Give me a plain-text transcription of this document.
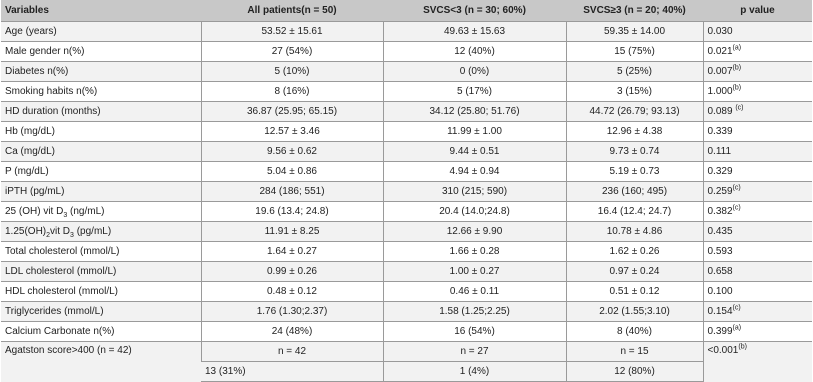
Variables	All patients(n = 50)	SVCS<3 (n = 30; 60%)	SVCS≥3 (n = 20; 40%)	p value
Age (years)	53.52 ± 15.61	49.63 ± 15.63	59.35 ± 14.00	0.030
Male gender n(%)	27 (54%)	12 (40%)	15 (75%)	0.021$^{(a)}$
Diabetes n(%)	5 (10%)	0 (0%)	5 (25%)	0.007$^{(b)}$
Smoking habits n(%)	8 (16%)	5 (17%)	3 (15%)	1.000$^{(b)}$
HD duration (months)	36.87 (25.95; 65.15)	34.12 (25.80; 51.76)	44.72 (26.79; 93.13)	0.089 $^{(c)}$
Hb (mg/dL)	12.57 ± 3.46	11.99 ± 1.00	12.96 ± 4.38	0.339
Ca (mg/dL)	9.56 ± 0.62	9.44 ± 0.51	9.73 ± 0.74	0.111
P (mg/dL)	5.04 ± 0.86	4.94 ± 0.94	5.19 ± 0.73	0.329
iPTH (pg/mL)	284 (186; 551)	310 (215; 590)	236 (160; 495)	0.259$^{(c)}$
25 (OH) vit $D_3$ (ng/mL)	19.6 (13.4; 24.8)	20.4 (14.0;24.8)	16.4 (12.4; 24.7)	0.382$^{(c)}$
$1.25(OH)_2vit$ $D_3$ (pg/mL)	11.91 ± 8.25	12.66 ± 9.90	10.78 ± 4.86	0.435
Total cholesterol (mmol/L)	1.64 ± 0.27	1.66 ± 0.28	1.62 ± 0.26	0.593
LDL cholesterol (mmol/L)	0.99 ± 0.26	1.00 ± 0.27	0.97 ± 0.24	0.658
HDL cholesterol (mmol/L)	0.48 ± 0.12	0.46 ± 0.11	0.51 ± 0.12	0.100
Triglycerides (mmol/L)	1.76 (1.30;2.37)	1.58 (1.25;2.25)	2.02 (1.55;3.10)	0.154$^{(c)}$
Calcium Carbonate n(%)	24 (48%)	16 (54%)	8 (40%)	0.399$^{(a)}$
Agatston score>400 (n = 42)	n = 42	n = 27	n = 15	$<0.001^{(b)}$
	13 (31%)	1 (4%)	12 (80%)	
